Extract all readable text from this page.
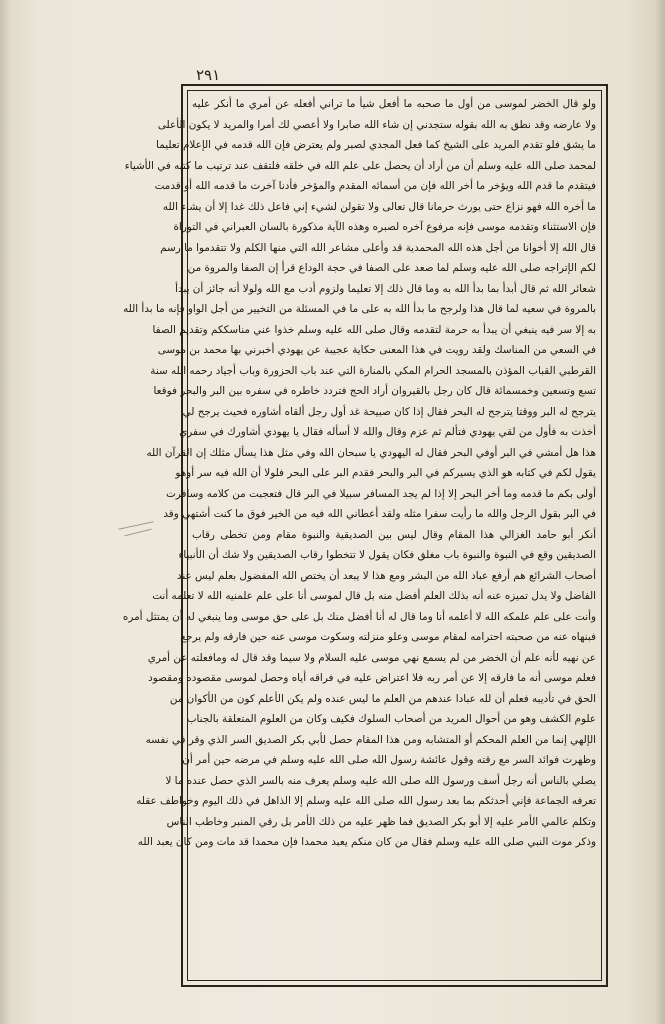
٢٩١
ولو قال الخضر لموسى من أول ما صحبه ما أفعل شيأ ما تراني أفعله عن أمري ما أنكر عليه
ولا عارضه وقد نطق به الله بقوله ستجدني إن شاء الله صابرا ولا أعصي لك أمرا والمريد لا يكون الأعلى
ما يشق فلو تقدم المريد على الشيخ كما فعل المجدي لصبر ولم يعترض فإن الله قدمه في الإعلام تعليما
لمحمد صلى الله عليه وسلم أن من أراد أن يحصل على علم الله في خلقه فلتقف عند ترتيب ما كتبه في الأشياء
فيتقدم ما قدم الله ويؤخر ما أخر الله فإن من أسمائه المقدم والمؤخر فأدنا آخرت ما قدمه الله أو قدمت
ما أخره الله فهو نزاع حتى يورث حرمانا قال تعالى ولا تقولن لشيء إني فاعل ذلك غدا إلا أن يشاء الله
فإن الاستثناء وتقدمه موسى فإنه مرفوع آخره لصبره وهذه الآية مذكورة بالسان العبراني في التوراة
قال الله إلا أخوانا من أجل هذه الله المحمدية قد وأعلى مشاعر الله التي منها الكلم ولا تتقدموا ما رسم
لكم الإتراجه صلى الله عليه وسلم لما صعد على الصفا في حجة الوداع قرأ إن الصفا والمروة من
شعائر الله ثم قال أبدأ بما بدأ الله به وما قال ذلك إلا تعليما ولزوم أدب مع الله ولولا أنه جائز أن يبدأ
بالمروة في سعيه لما قال هذا ولرجح ما بدأ الله به على ما في المسئلة من التخيير من أجل الواو فإنه ما بدأ الله
به إلا سر فيه ينبغي أن يبدأ به حرمة لتقدمه وقال صلى الله عليه وسلم خذوا عني مناسككم وتقديم الصفا
في السعي من المناسك ولقد رويت في هذا المعنى حكاية عجيبة عن يهودي أخبرني بها محمد بن موسى
القرطبي القباب المؤذن بالمسجد الحرام المكي بالمنارة التي عند باب الحزورة وباب أجياد رحمه الله سنة
تسع وتسعين وخمسمائة قال كان رجل بالقيروان أراد الحج فتردد خاطره في سفره بين البر والبحر فوقعا
يترجح له البر ووقتا يترجح له البحر فقال إذا كان صبيحة غد أول رجل ألقاه أشاوره فحيث يرجح لي
أخذت به فأول من لقي يهودي فتألم ثم عزم وقال والله لا أسأله فقال يا يهودي أشاورك في سفري
هذا هل أمشي في البر أوفي البحر فقال له اليهودي يا سبحان الله وفي مثل هذا يسأل مثلك إن القرآن الله
يقول لكم في كتابه هو الذي يسيركم في البر والبحر فقدم البر على البحر فلولا أن الله فيه سر أوهو
أولى بكم ما قدمه وما أخر البحر إلا إذا لم يجد المسافر سبيلا في البر قال فتعجبت من كلامه وسافرت
في البر بقول الرجل والله ما رأيت سفرا مثله ولقد أعطاني الله فيه من الخير فوق ما كنت أشتهي وقد
أنكر أبو حامد الغزالي هذا المقام وقال ليس بين الصديقية والنبوة مقام ومن تخطى رقاب
الصديقين وقع في النبوة والنبوة باب مغلق فكان يقول لا تتخطوا رقاب الصديقين ولا شك أن الأنبياء
أصحاب الشرائع هم أرفع عباد الله من البشر ومع هذا لا يبعد أن يختص الله المفضول بعلم ليس عند
الفاضل ولا يدل تميزه عنه أنه بذلك العلم أفضل منه بل قال لموسى أنا على علم علمنيه الله لا تعلمه أنت
وأنت على علم علمكه الله لا أعلمه أنا وما قال له أنا أفضل منك بل على حق موسى وما ينبغي له أن يمتثل أمره
فبنهاه عنه من صحبته احترامه لمقام موسى وعلو منزلته وسكوت موسى عنه حين فارقه ولم يرجع
عن نهيه لأنه علم أن الخضر من لم يسمع نهي موسى عليه السلام ولا سيما وقد قال له ومافعلته عن أمري
فعلم موسى أنه ما فارقه إلا عن أمر ربه فلا اعتراض عليه في فراقه أياه وحصل لموسى مقصوده ومقصود
الحق في تأديبه فعلم أن لله عبادا عندهم من العلم ما ليس عنده ولم يكن الأعلم كون من الأكوان من
علوم الكشف وهو من أحوال المريد من أصحاب السلوك فكيف وكان من العلوم المتعلقة بالجناب
الإلهي إنما من العلم المحكم أو المتشابه ومن هذا المقام حصل لأبي بكر الصديق السر الذي وقر في نفسه
وظهرت فوائد السر مع رقته وقول عائشة رسول الله صلى الله عليه وسلم في مرضه حين أمر أن
يصلي بالناس أنه رجل أسف ورسول الله صلى الله عليه وسلم يعرف منه بالسر الذي حصل عنده ما لا
تعرفه الجماعة فإني أحدثكم بما بعد رسول الله صلى الله عليه وسلم إلا الذاهل في ذلك اليوم وخواطف عقله
وتكلم عالمي الأمر عليه إلا أبو بكر الصديق فما ظهر عليه من ذلك الأمر بل رقي المنبر وخاطب الناس
وذكر موت النبي صلى الله عليه وسلم فقال من كان منكم يعبد محمدا فإن محمدا قد مات ومن كان يعبد الله
